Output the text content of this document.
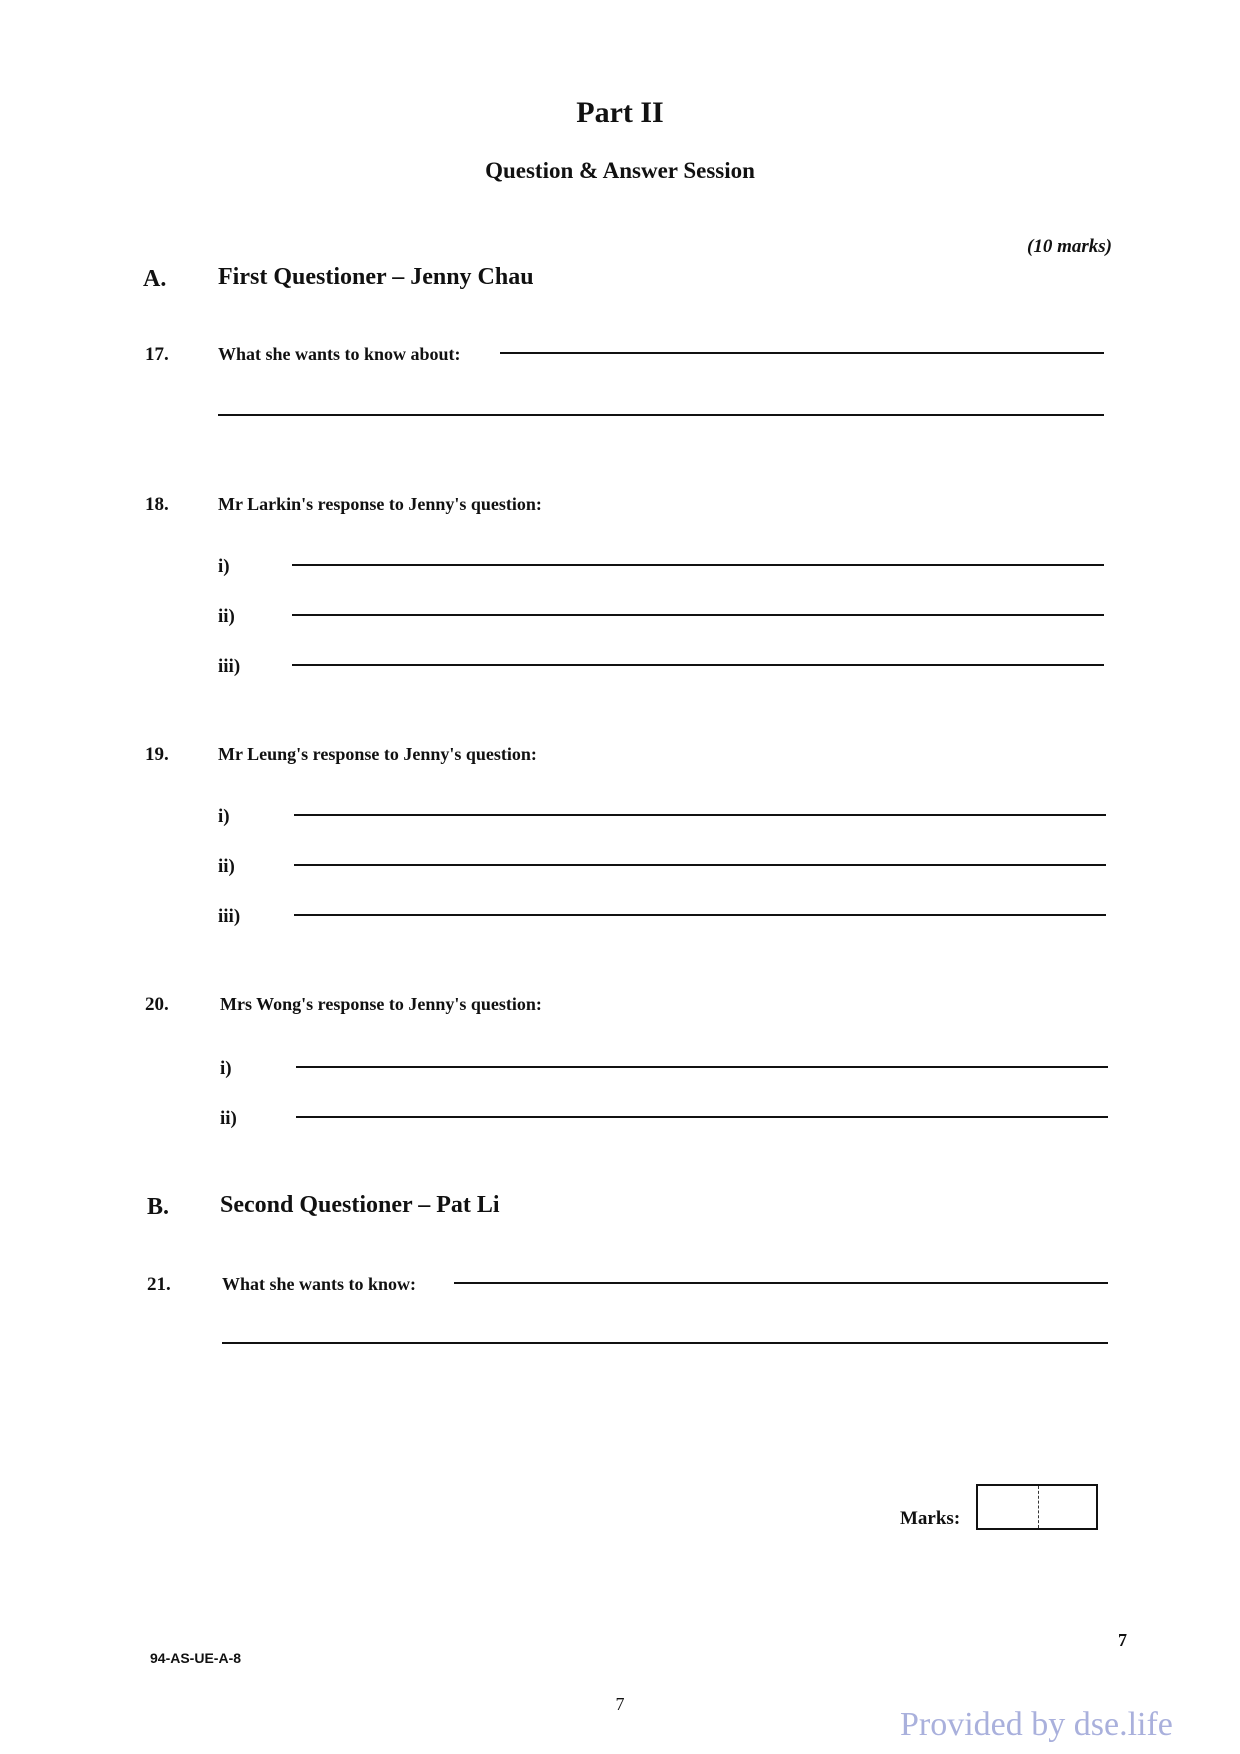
Part II
Question & Answer Session
(10 marks)
A. First Questioner – Jenny Chau
17.	What she wants to know about:
18.	Mr Larkin's response to Jenny's question:
i)
ii)
iii)
19.	Mr Leung's response to Jenny's question:
i)
ii)
iii)
20.	Mrs Wong's response to Jenny's question:
i)
ii)
B. Second Questioner – Pat Li
21.	What she wants to know:
Marks:
7
94-AS-UE-A-8
7
Provided by dse.life
